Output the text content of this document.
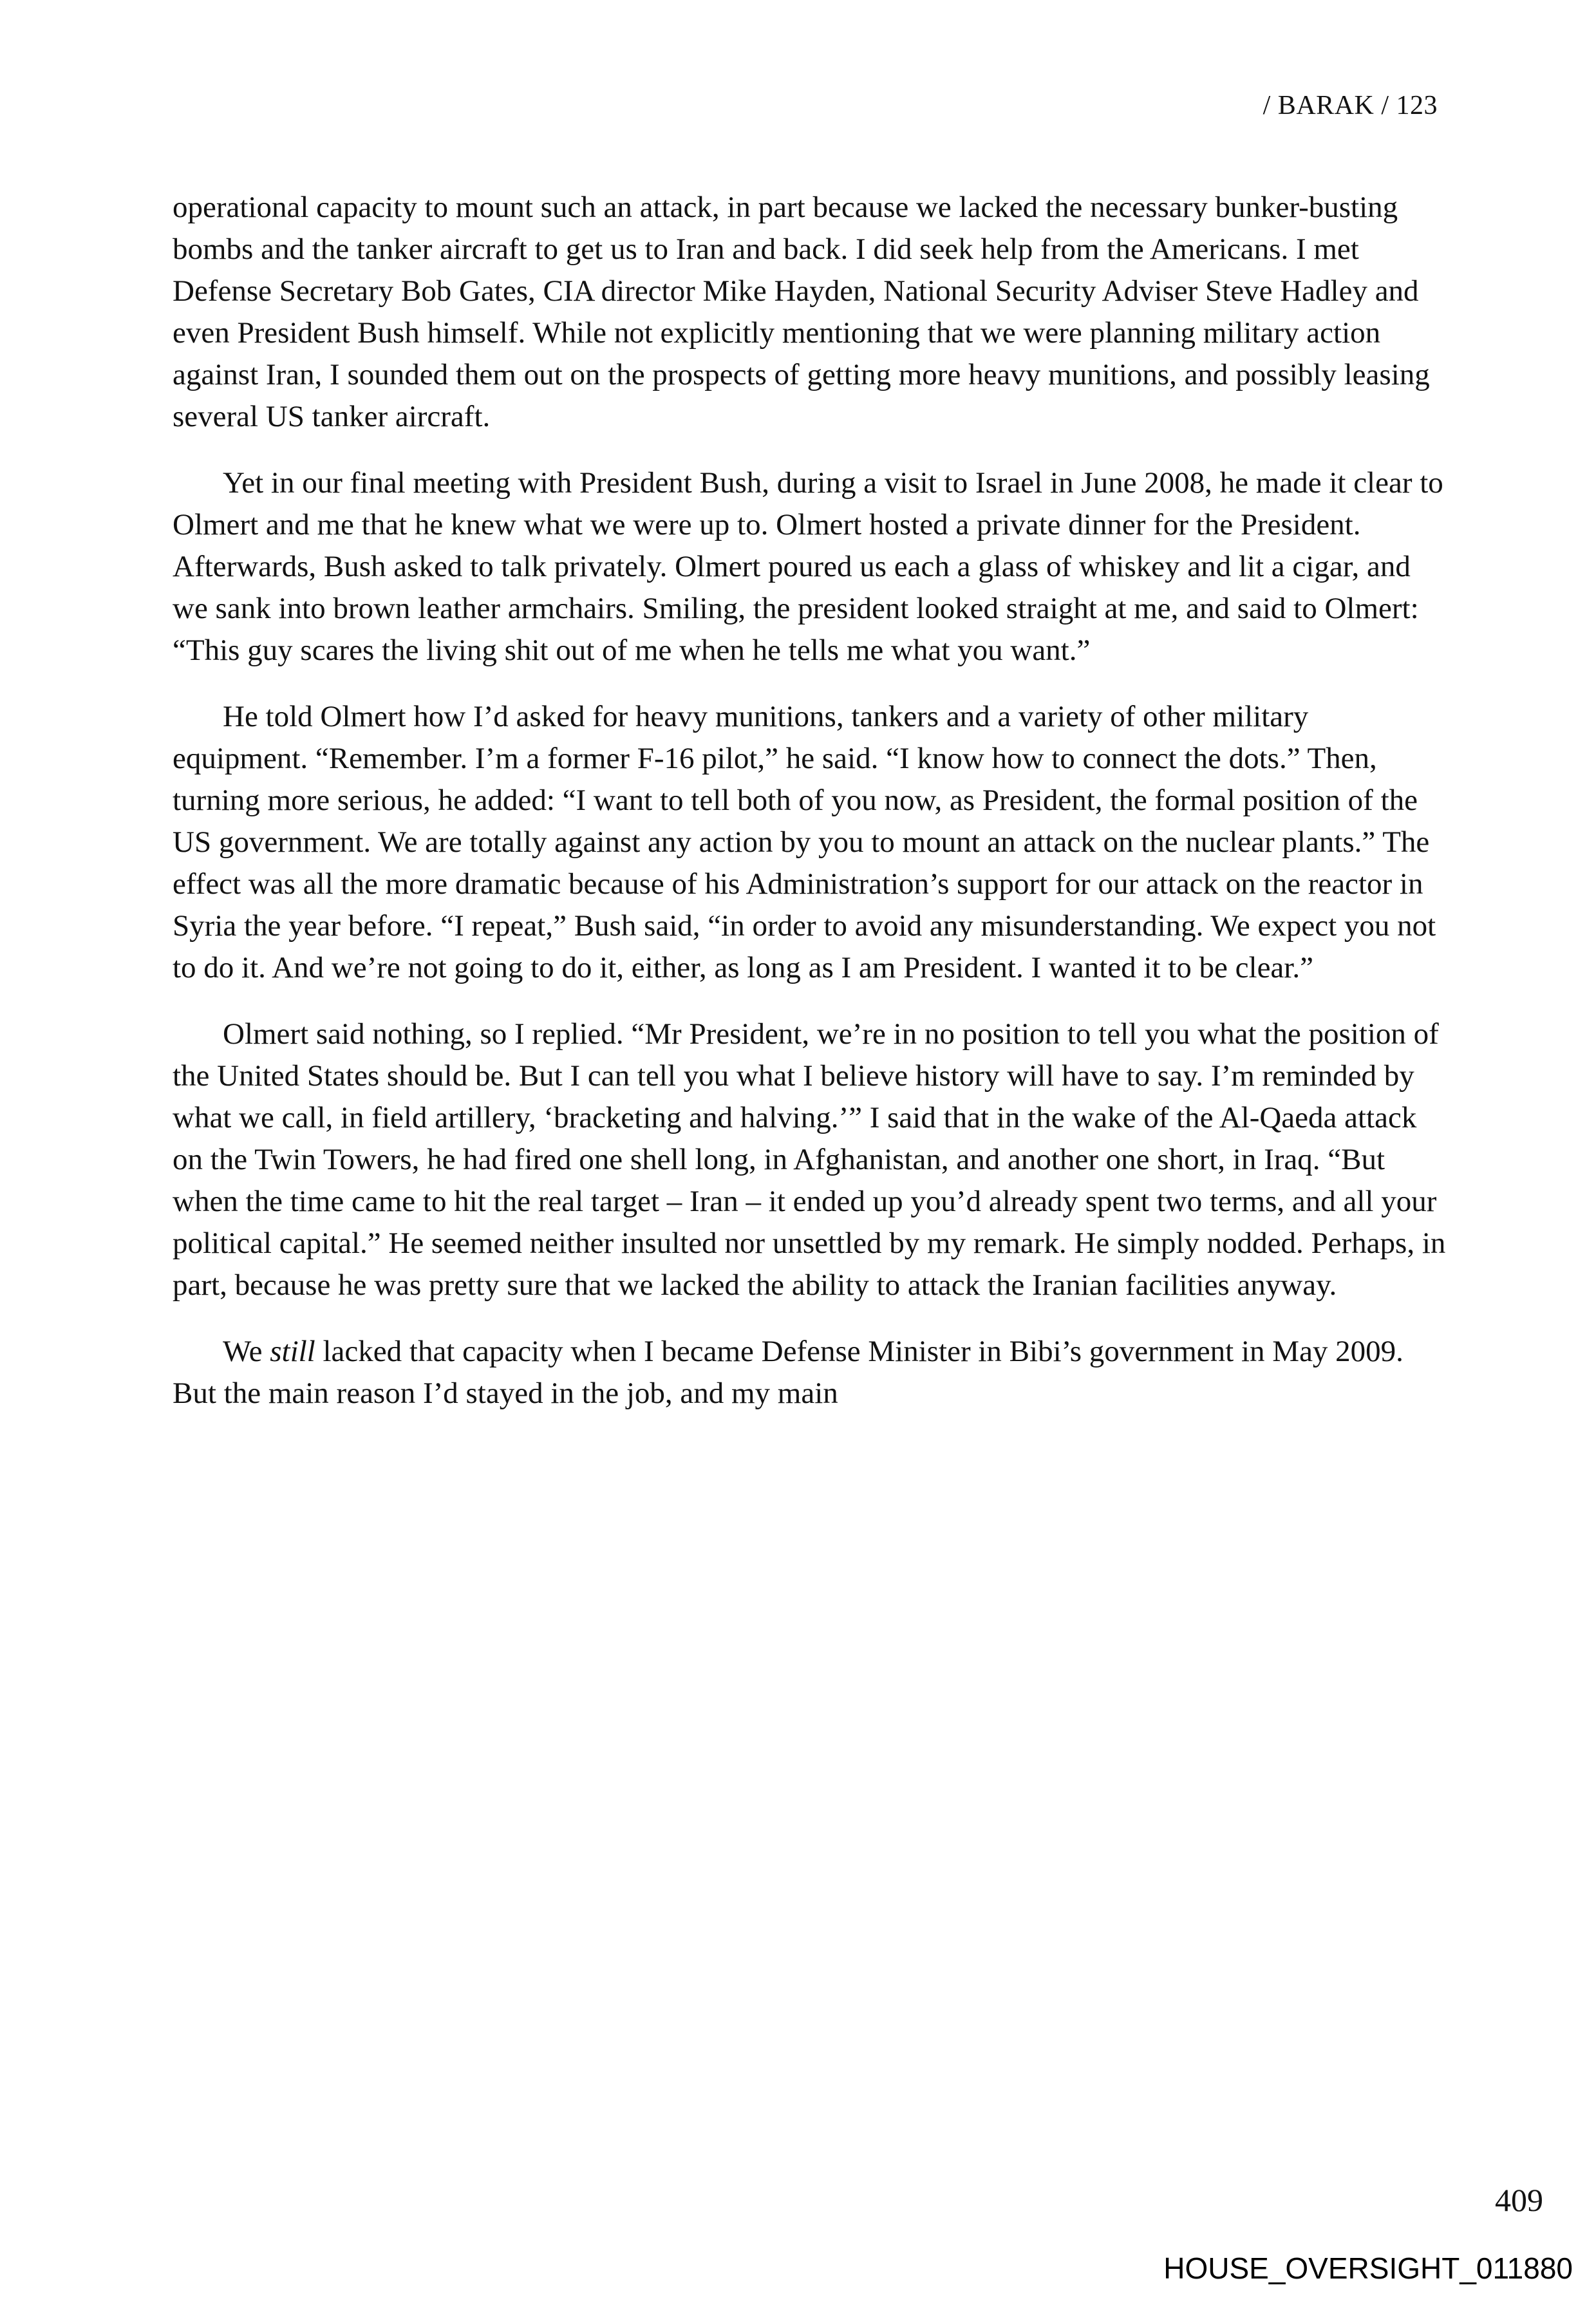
/ BARAK / 123

operational capacity to mount such an attack, in part because we lacked the necessary bunker-busting bombs and the tanker aircraft to get us to Iran and back. I did seek help from the Americans. I met Defense Secretary Bob Gates, CIA director Mike Hayden, National Security Adviser Steve Hadley and even President Bush himself. While not explicitly mentioning that we were planning military action against Iran, I sounded them out on the prospects of getting more heavy munitions, and possibly leasing several US tanker aircraft.

Yet in our final meeting with President Bush, during a visit to Israel in June 2008, he made it clear to Olmert and me that he knew what we were up to. Olmert hosted a private dinner for the President. Afterwards, Bush asked to talk privately. Olmert poured us each a glass of whiskey and lit a cigar, and we sank into brown leather armchairs. Smiling, the president looked straight at me, and said to Olmert: “This guy scares the living shit out of me when he tells me what you want.”

He told Olmert how I’d asked for heavy munitions, tankers and a variety of other military equipment. “Remember. I’m a former F-16 pilot,” he said. “I know how to connect the dots.” Then, turning more serious, he added: “I want to tell both of you now, as President, the formal position of the US government. We are totally against any action by you to mount an attack on the nuclear plants.” The effect was all the more dramatic because of his Administration’s support for our attack on the reactor in Syria the year before. “I repeat,” Bush said, “in order to avoid any misunderstanding. We expect you not to do it. And we’re not going to do it, either, as long as I am President. I wanted it to be clear.”

Olmert said nothing, so I replied. “Mr President, we’re in no position to tell you what the position of the United States should be. But I can tell you what I believe history will have to say. I’m reminded by what we call, in field artillery, ‘bracketing and halving.’” I said that in the wake of the Al-Qaeda attack on the Twin Towers, he had fired one shell long, in Afghanistan, and another one short, in Iraq. “But when the time came to hit the real target – Iran – it ended up you’d already spent two terms, and all your political capital.” He seemed neither insulted nor unsettled by my remark. He simply nodded. Perhaps, in part, because he was pretty sure that we lacked the ability to attack the Iranian facilities anyway.

We still lacked that capacity when I became Defense Minister in Bibi’s government in May 2009. But the main reason I’d stayed in the job, and my main

409
HOUSE_OVERSIGHT_011880
